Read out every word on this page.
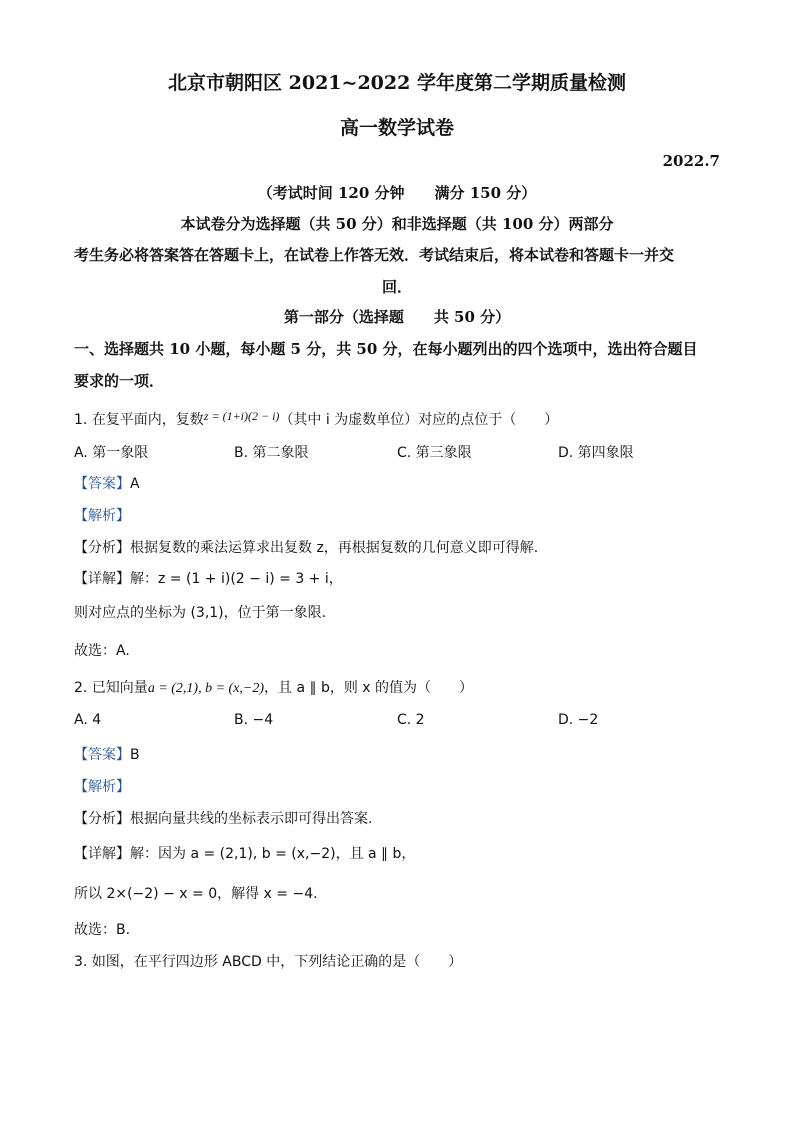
北京市朝阳区 2021~2022 学年度第二学期质量检测
高一数学试卷
2022.7
（考试时间 120 分钟　　满分 150 分）
本试卷分为选择题（共 50 分）和非选择题（共 100 分）两部分
考生务必将答案答在答题卡上，在试卷上作答无效．考试结束后，将本试卷和答题卡一并交
回．
第一部分（选择题　　共 50 分）
一、选择题共 10 小题，每小题 5 分，共 50 分，在每小题列出的四个选项中，选出符合题目
要求的一项．
1. 在复平面内，复数z = (1+i)(2 − i)（其中 i 为虚数单位）对应的点位于（　　）
A. 第一象限	B. 第二象限	C. 第三象限	D. 第四象限
【答案】A
【解析】
【分析】根据复数的乘法运算求出复数 z，再根据复数的几何意义即可得解.
【详解】解：z = (1 + i)(2 − i) = 3 + i，
则对应点的坐标为 (3,1)，位于第一象限.
故选：A.
2. 已知向量a = (2,1), b = (x,−2)，且 a ∥ b，则 x 的值为（　　）
A. 4	B. −4	C. 2	D. −2
【答案】B
【解析】
【分析】根据向量共线的坐标表示即可得出答案.
【详解】解：因为 a = (2,1), b = (x,−2)，且 a ∥ b，
所以 2×(−2) − x = 0，解得 x = −4.
故选：B.
3. 如图，在平行四边形 ABCD 中，下列结论正确的是（　　）
